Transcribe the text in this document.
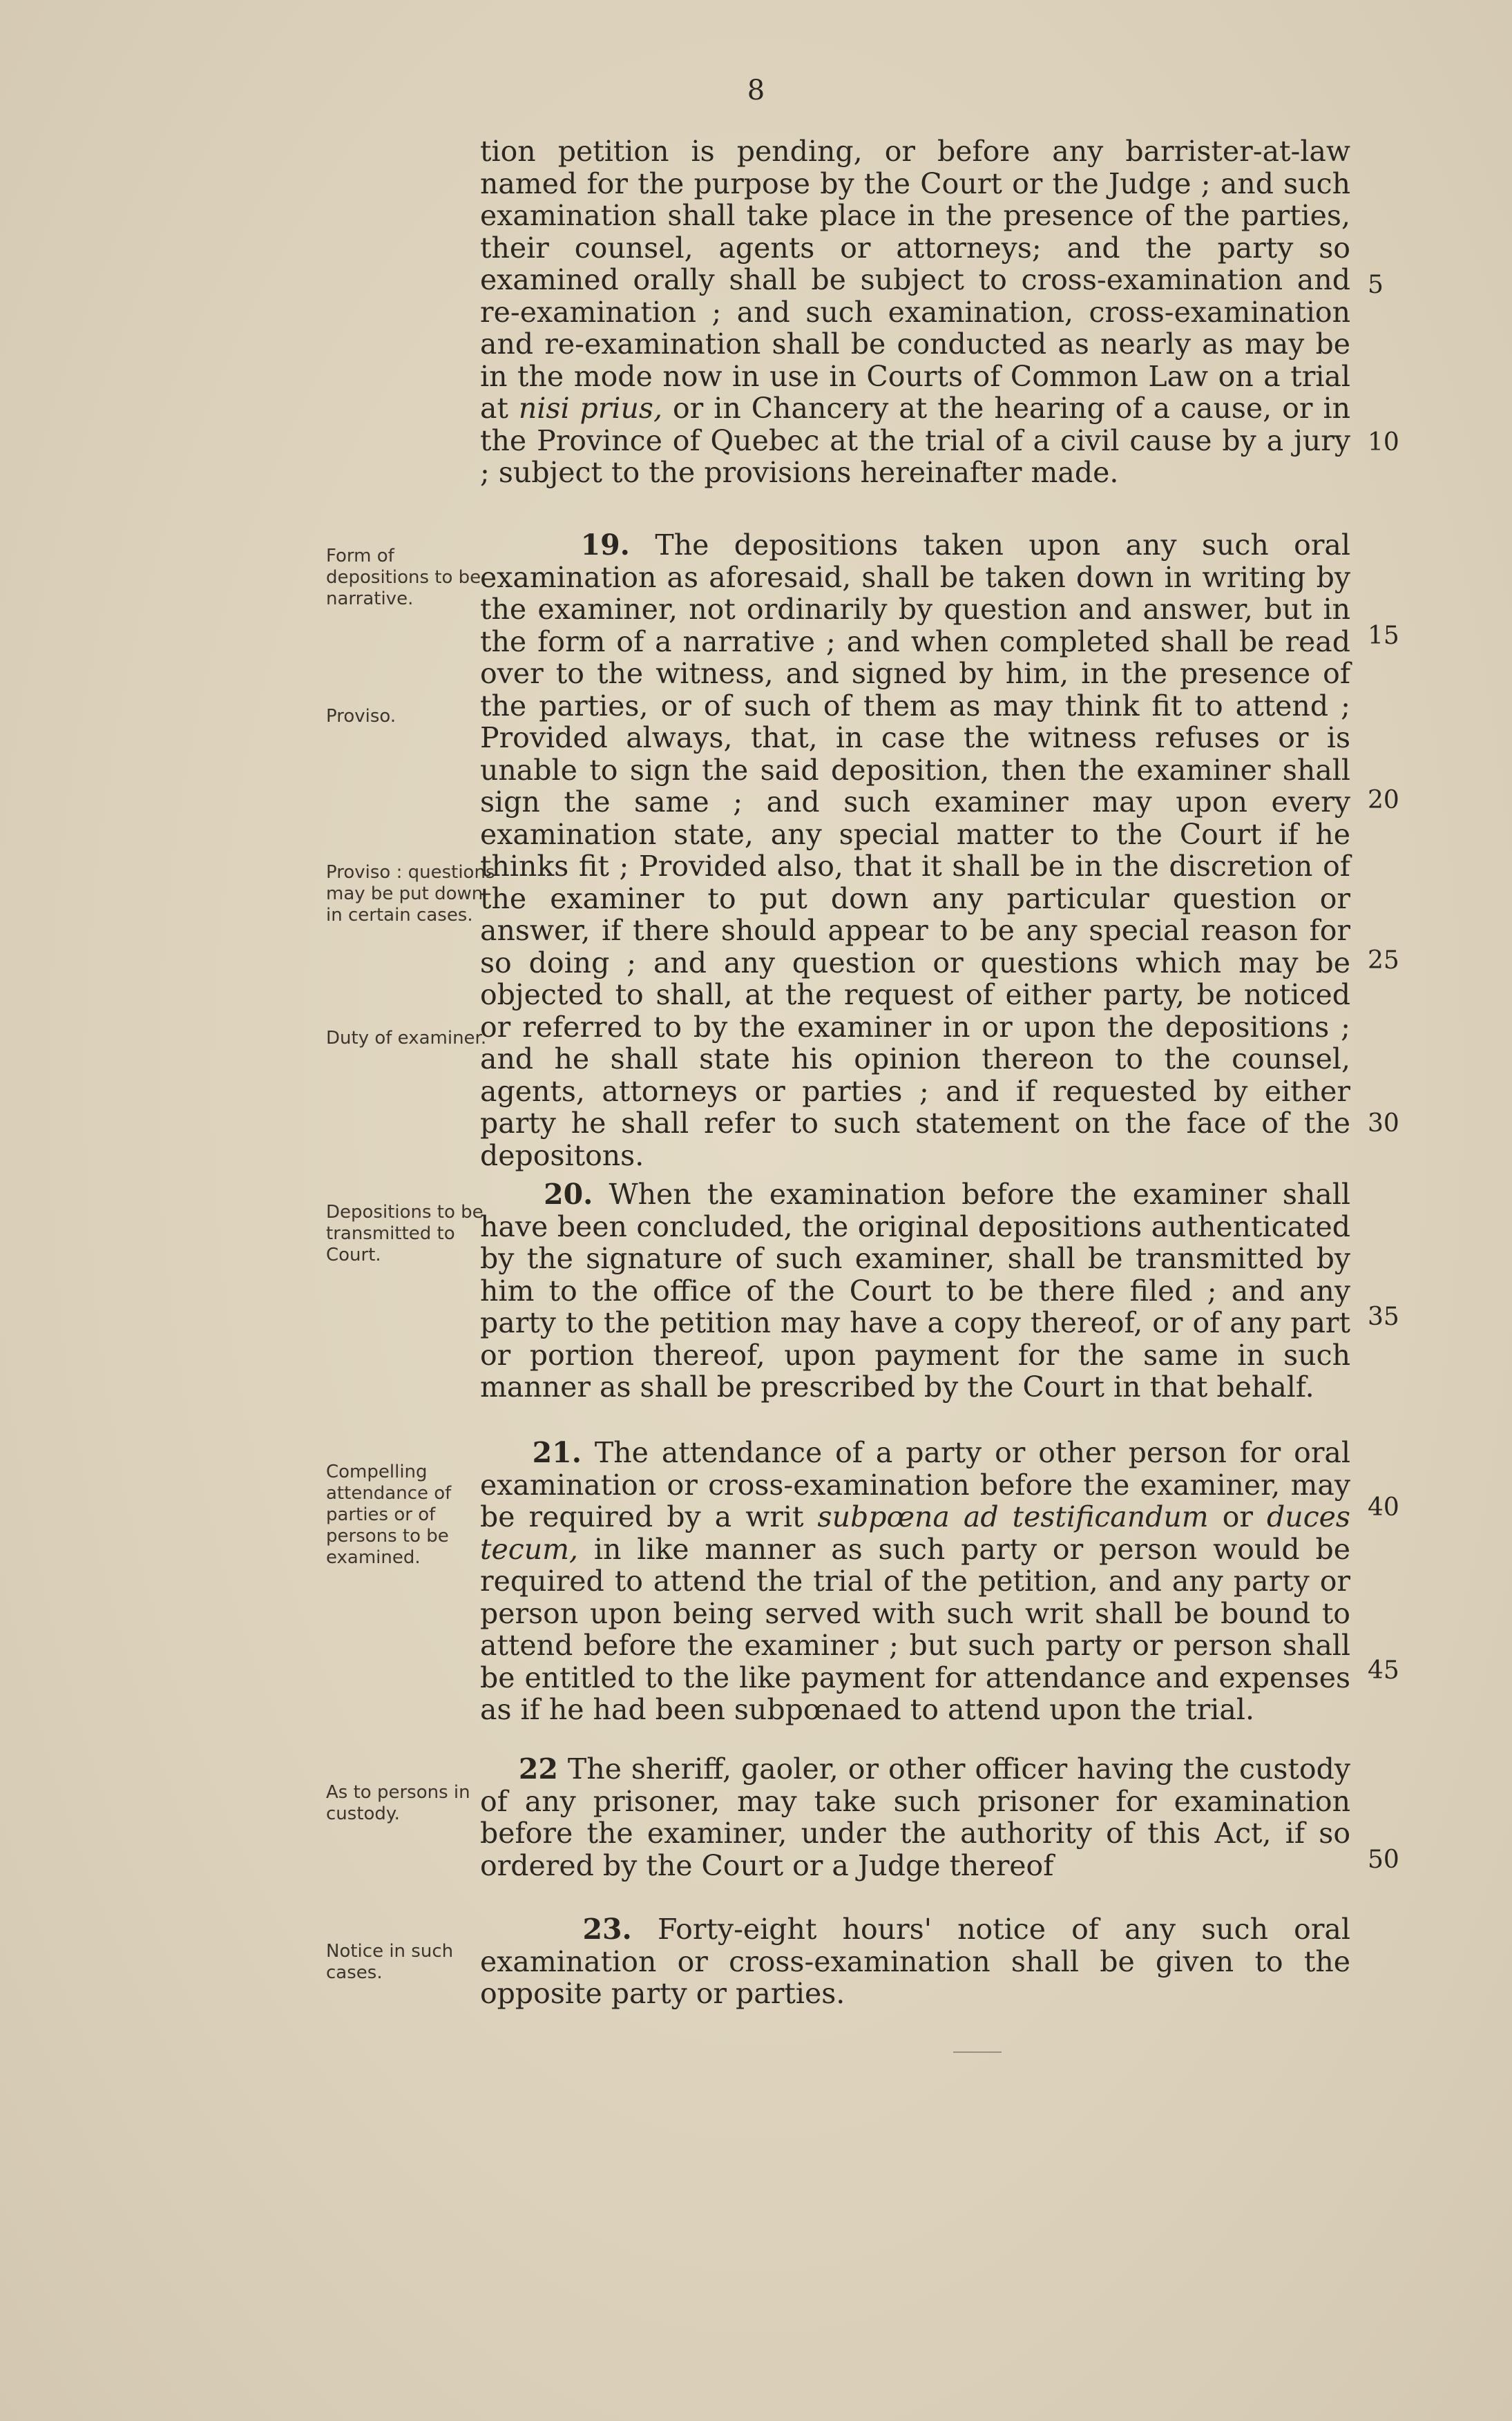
8

tion petition is pending, or before any barrister-at-law named for the purpose by the Court or the Judge ; and such examination shall take place in the presence of the parties, their counsel, agents or attorneys; and the party so examined orally shall be subject to cross-examination and re-examination ; and such examination, cross-examination and re-examination shall be conducted as nearly as may be in the mode now in use in Courts of Common Law on a trial at nisi prius, or in Chancery at the hearing of a cause, or in the Province of Quebec at the trial of a civil cause by a jury ; subject to the provisions hereinafter made.

19. The depositions taken upon any such oral examination as aforesaid, shall be taken down in writing by the examiner, not ordinarily by question and answer, but in the form of a narrative ; and when completed shall be read over to the witness, and signed by him, in the presence of the parties, or of such of them as may think fit to attend ; Provided always, that, in case the witness refuses or is unable to sign the said deposition, then the examiner shall sign the same ; and such examiner may upon every examination state, any special matter to the Court if he thinks fit ; Provided also, that it shall be in the discretion of the examiner to put down any particular question or answer, if there should appear to be any special reason for so doing ; and any question or questions which may be objected to shall, at the request of either party, be noticed or referred to by the examiner in or upon the depositions ; and he shall state his opinion thereon to the counsel, agents, attorneys or parties ; and if requested by either party he shall refer to such statement on the face of the depositons.

20. When the examination before the examiner shall have been concluded, the original depositions authenticated by the signature of such examiner, shall be transmitted by him to the office of the Court to be there filed ; and any party to the petition may have a copy thereof, or of any part or portion thereof, upon payment for the same in such manner as shall be prescribed by the Court in that behalf.

21. The attendance of a party or other person for oral examination or cross-examination before the examiner, may be required by a writ subpœna ad testificandum or duces tecum, in like manner as such party or person would be required to attend the trial of the petition, and any party or person upon being served with such writ shall be bound to attend before the examiner ; but such party or person shall be entitled to the like payment for attendance and expenses as if he had been subpœnaed to attend upon the trial.

22 The sheriff, gaoler, or other officer having the custody of any prisoner, may take such prisoner for examination before the examiner, under the authority of this Act, if so ordered by the Court or a Judge thereof

23. Forty-eight hours' notice of any such oral examination or cross-examination shall be given to the opposite party or parties.

Form of depositions to be narrative.
Proviso.
Proviso : questions may be put down in certain cases.
Duty of examiner.
Depositions to be transmitted to Court.
Compelling attendance of parties or of persons to be examined.
As to persons in custody.
Notice in such cases.
5
10
15
20
25
30
35
40
45
50
